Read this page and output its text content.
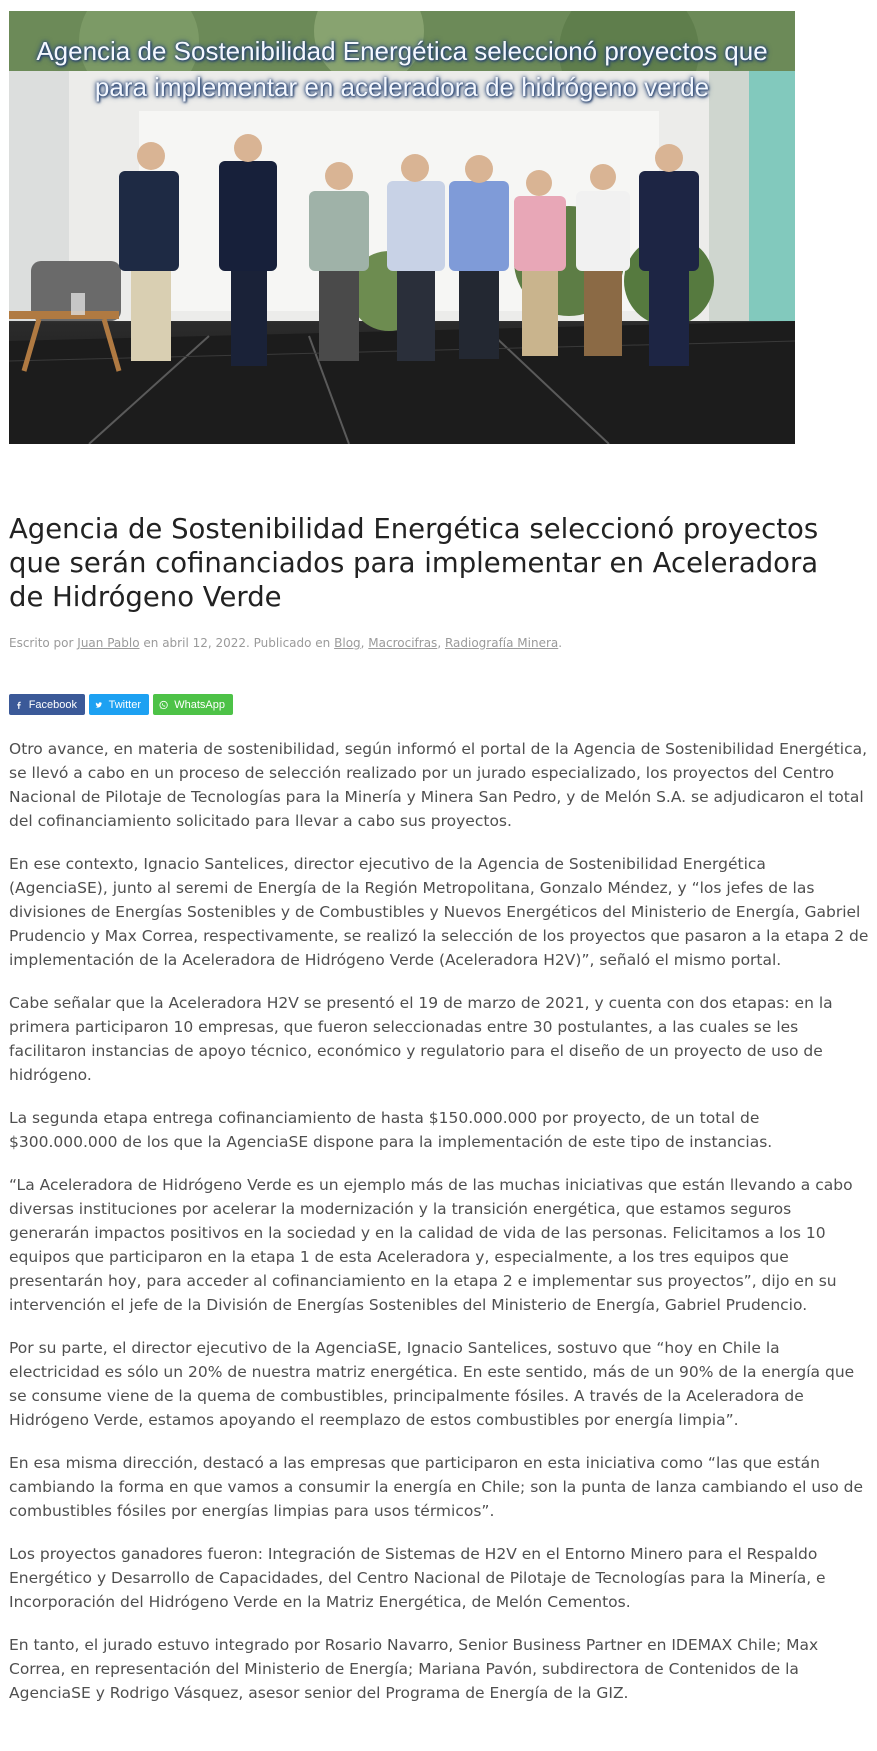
Agencia de Sostenibilidad Energética seleccionó proyectos que para implementar en aceleradora de hidrógeno verde
Agencia de Sostenibilidad Energética seleccionó proyectos que serán cofinanciados para implementar en Aceleradora de Hidrógeno Verde
Escrito por Juan Pablo en abril 12, 2022. Publicado en Blog, Macrocifras, Radiografía Minera.
Facebook	Twitter	WhatsApp

Otro avance, en materia de sostenibilidad, según informó el portal de la Agencia de Sostenibilidad Energética, se llevó a cabo en un proceso de selección realizado por un jurado especializado, los proyectos del Centro Nacional de Pilotaje de Tecnologías para la Minería y Minera San Pedro, y de Melón S.A. se adjudicaron el total del cofinanciamiento solicitado para llevar a cabo sus proyectos.

En ese contexto, Ignacio Santelices, director ejecutivo de la Agencia de Sostenibilidad Energética (AgenciaSE), junto al seremi de Energía de la Región Metropolitana, Gonzalo Méndez, y “los jefes de las divisiones de Energías Sostenibles y de Combustibles y Nuevos Energéticos del Ministerio de Energía, Gabriel Prudencio y Max Correa, respectivamente, se realizó la selección de los proyectos que pasaron a la etapa 2 de implementación de la Aceleradora de Hidrógeno Verde (Aceleradora H2V)”, señaló el mismo portal.

Cabe señalar que la Aceleradora H2V se presentó el 19 de marzo de 2021, y cuenta con dos etapas: en la primera participaron 10 empresas, que fueron seleccionadas entre 30 postulantes, a las cuales se les facilitaron instancias de apoyo técnico, económico y regulatorio para el diseño de un proyecto de uso de hidrógeno.

La segunda etapa entrega cofinanciamiento de hasta $150.000.000 por proyecto, de un total de $300.000.000 de los que la AgenciaSE dispone para la implementación de este tipo de instancias.

“La Aceleradora de Hidrógeno Verde es un ejemplo más de las muchas iniciativas que están llevando a cabo diversas instituciones por acelerar la modernización y la transición energética, que estamos seguros generarán impactos positivos en la sociedad y en la calidad de vida de las personas. Felicitamos a los 10 equipos que participaron en la etapa 1 de esta Aceleradora y, especialmente, a los tres equipos que presentarán hoy, para acceder al cofinanciamiento en la etapa 2 e implementar sus proyectos”, dijo en su intervención el jefe de la División de Energías Sostenibles del Ministerio de Energía, Gabriel Prudencio.

Por su parte, el director ejecutivo de la AgenciaSE, Ignacio Santelices, sostuvo que “hoy en Chile la electricidad es sólo un 20% de nuestra matriz energética. En este sentido, más de un 90% de la energía que se consume viene de la quema de combustibles, principalmente fósiles. A través de la Aceleradora de Hidrógeno Verde, estamos apoyando el reemplazo de estos combustibles por energía limpia”.

En esa misma dirección, destacó a las empresas que participaron en esta iniciativa como “las que están cambiando la forma en que vamos a consumir la energía en Chile; son la punta de lanza cambiando el uso de combustibles fósiles por energías limpias para usos térmicos”.

Los proyectos ganadores fueron: Integración de Sistemas de H2V en el Entorno Minero para el Respaldo Energético y Desarrollo de Capacidades, del Centro Nacional de Pilotaje de Tecnologías para la Minería, e Incorporación del Hidrógeno Verde en la Matriz Energética, de Melón Cementos.

En tanto, el jurado estuvo integrado por Rosario Navarro, Senior Business Partner en IDEMAX Chile; Max Correa, en representación del Ministerio de Energía; Mariana Pavón, subdirectora de Contenidos de la AgenciaSE y Rodrigo Vásquez, asesor senior del Programa de Energía de la GIZ.
